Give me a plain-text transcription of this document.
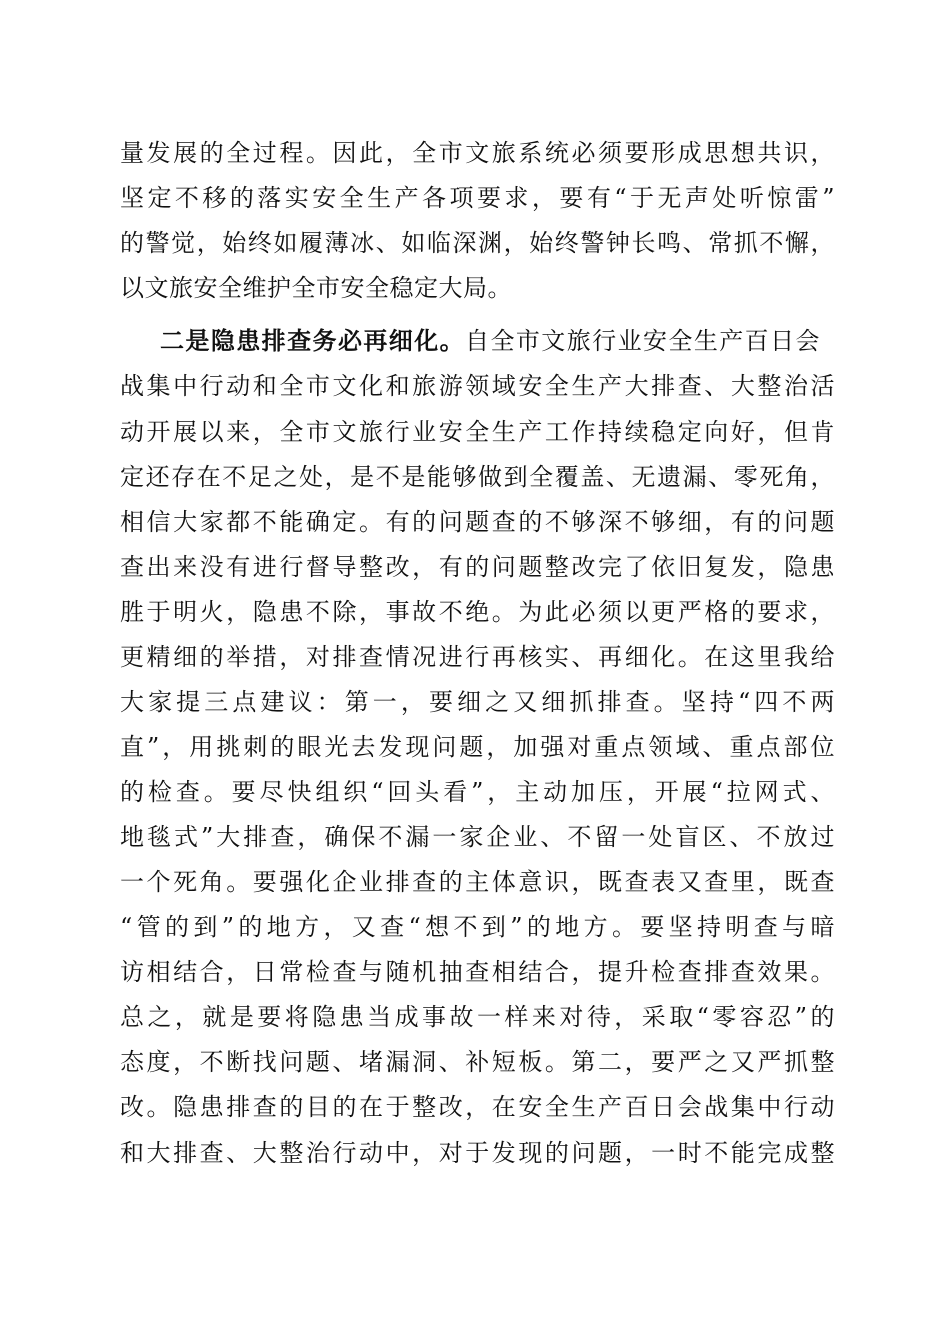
量发展的全过程。因此，全市文旅系统必须要形成思想共识，
坚定不移的落实安全生产各项要求，要有“于无声处听惊雷”
的警觉，始终如履薄冰、如临深渊，始终警钟长鸣、常抓不懈，
以文旅安全维护全市安全稳定大局。
二是隐患排查务必再细化。自全市文旅行业安全生产百日会
战集中行动和全市文化和旅游领域安全生产大排查、大整治活
动开展以来，全市文旅行业安全生产工作持续稳定向好，但肯
定还存在不足之处，是不是能够做到全覆盖、无遗漏、零死角，
相信大家都不能确定。有的问题查的不够深不够细，有的问题
查出来没有进行督导整改，有的问题整改完了依旧复发，隐患
胜于明火，隐患不除，事故不绝。为此必须以更严格的要求，
更精细的举措，对排查情况进行再核实、再细化。在这里我给
大家提三点建议：第一，要细之又细抓排查。坚持“四不两
直”，用挑刺的眼光去发现问题，加强对重点领域、重点部位
的检查。要尽快组织“回头看”，主动加压，开展“拉网式、
地毯式”大排查，确保不漏一家企业、不留一处盲区、不放过
一个死角。要强化企业排查的主体意识，既查表又查里，既查
“管的到”的地方，又查“想不到”的地方。要坚持明查与暗
访相结合，日常检查与随机抽查相结合，提升检查排查效果。
总之，就是要将隐患当成事故一样来对待，采取“零容忍”的
态度，不断找问题、堵漏洞、补短板。第二，要严之又严抓整
改。隐患排查的目的在于整改，在安全生产百日会战集中行动
和大排查、大整治行动中，对于发现的问题，一时不能完成整
